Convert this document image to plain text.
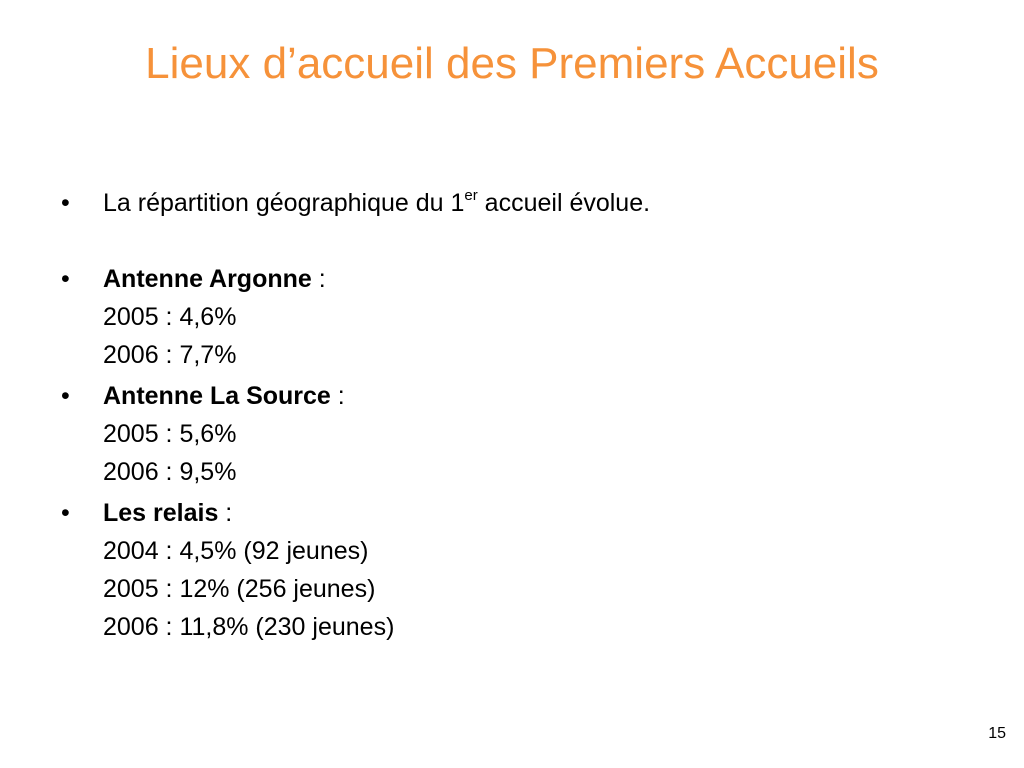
Lieux d’accueil des Premiers Accueils
• La répartition géographique du 1er accueil évolue.
• Antenne Argonne :
2005 : 4,6%
2006 : 7,7%
• Antenne La Source :
2005 : 5,6%
2006 : 9,5%
• Les relais :
2004 : 4,5% (92 jeunes)
2005 : 12% (256 jeunes)
2006 : 11,8% (230 jeunes)
15
